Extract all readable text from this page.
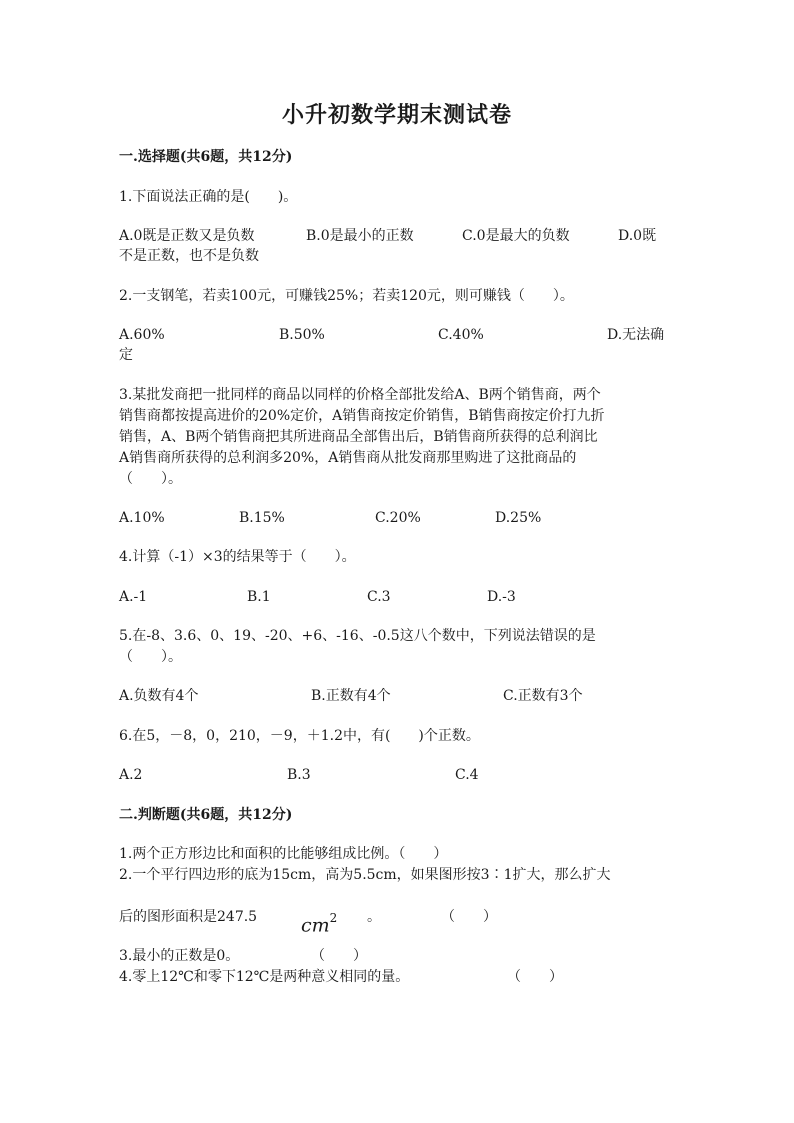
小升初数学期末测试卷
一.选择题(共6题，共12分)
1.下面说法正确的是(　　)。
A.0既是正数又是负数	B.0是最小的正数	C.0是最大的负数	D.0既
不是正数，也不是负数
2.一支钢笔，若卖100元，可赚钱25%；若卖120元，则可赚钱（　　）。
A.60%	B.50%	C.40%	D.无法确
定
3.某批发商把一批同样的商品以同样的价格全部批发给A、B两个销售商，两个
销售商都按提高进价的20%定价，A销售商按定价销售，B销售商按定价打九折
销售，A、B两个销售商把其所进商品全部售出后，B销售商所获得的总利润比
A销售商所获得的总利润多20%，A销售商从批发商那里购进了这批商品的
（　　）。
A.10%	B.15%	C.20%	D.25%
4.计算（-1）×3的结果等于（　　）。
A.-1	B.1	C.3	D.-3
5.在-8、3.6、0、19、-20、+6、-16、-0.5这八个数中，下列说法错误的是
（　　）。
A.负数有4个	B.正数有4个	C.正数有3个
6.在5，－8，0，210，－9，＋1.2中，有(　　)个正数。
A.2	B.3	C.4
二.判断题(共6题，共12分)
1.两个正方形边比和面积的比能够组成比例。（　　）
2.一个平行四边形的底为15cm，高为5.5cm，如果图形按3∶1扩大，那么扩大
后的图形面积是247.5 $cm^2$ 。	（　　）
3.最小的正数是0。	（　　）
4.零上12℃和零下12℃是两种意义相同的量。	（　　）
